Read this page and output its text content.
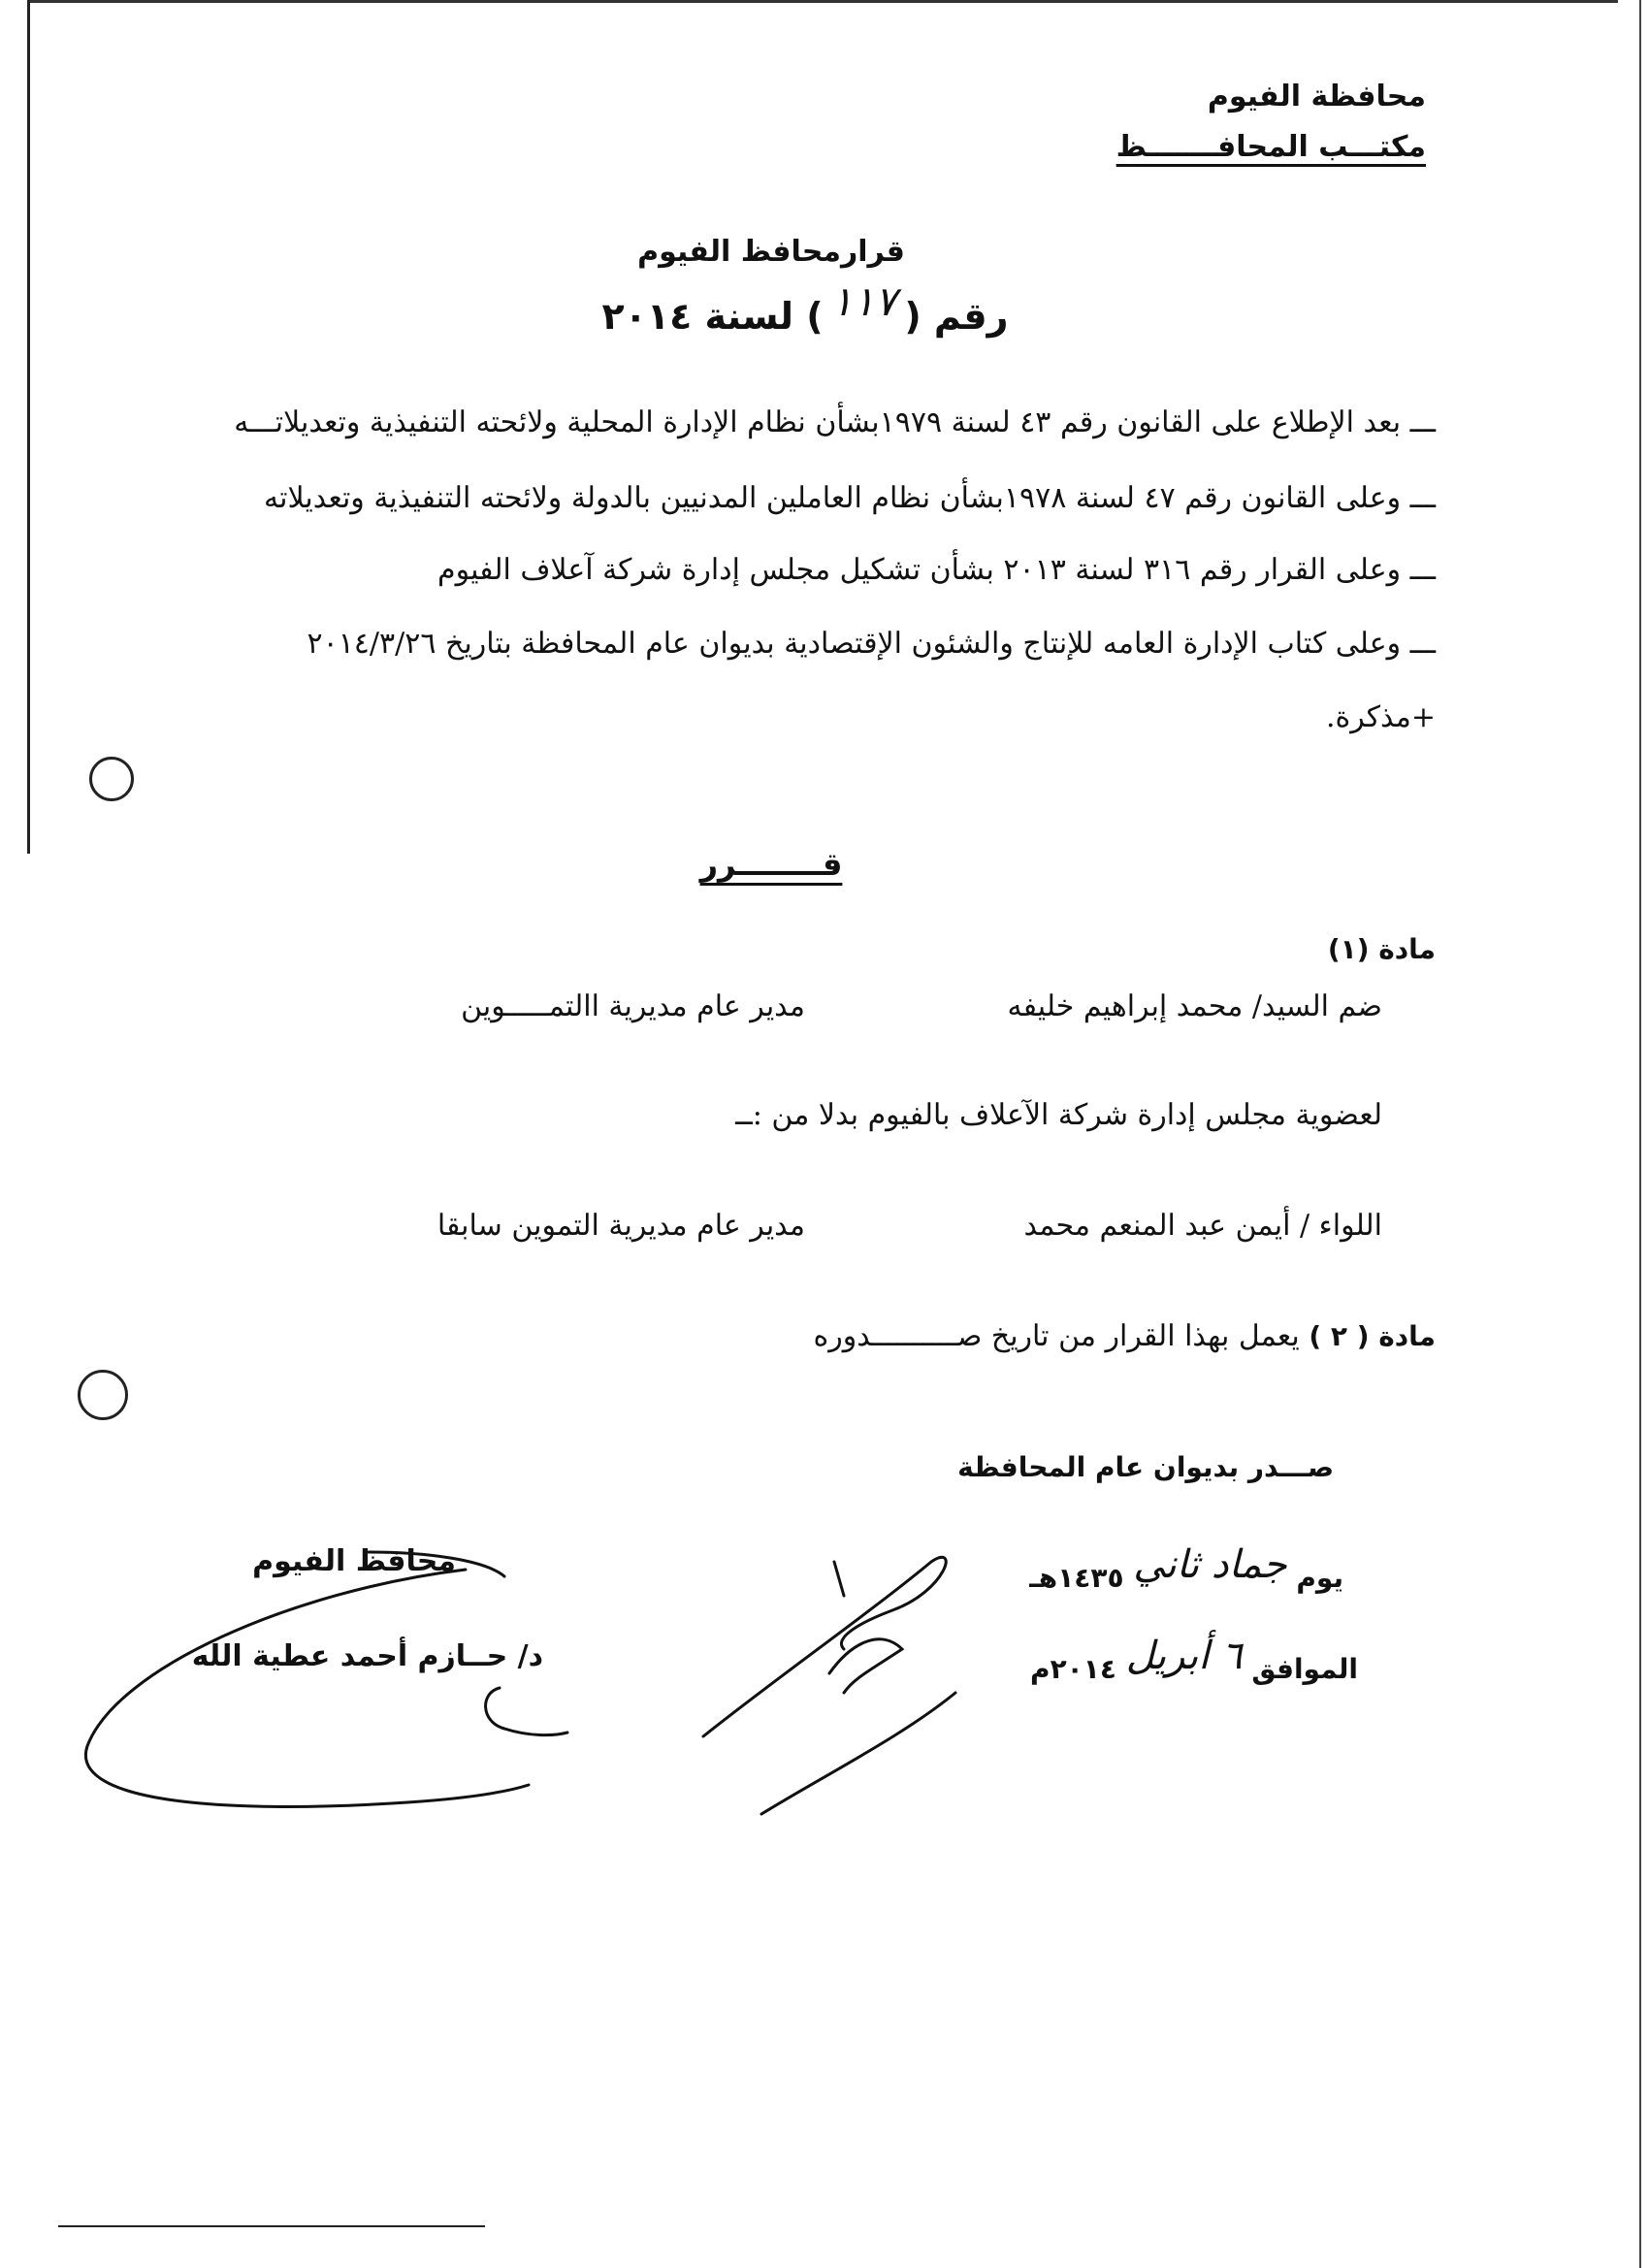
محافظة الفيوم
مكتـــب المحافـــــــظ
قرارمحافظ الفيوم
رقم (١١٧) لسنة ٢٠١٤
ـــ بعد الإطلاع على القانون رقم ٤٣ لسنة ١٩٧٩بشأن نظام الإدارة المحلية ولائحته التنفيذية وتعديلاتـــه
ـــ وعلى القانون رقم ٤٧ لسنة ١٩٧٨بشأن نظام العاملين المدنيين بالدولة ولائحته التنفيذية وتعديلاته
ـــ وعلى القرار رقم ٣١٦ لسنة ٢٠١٣ بشأن تشكيل مجلس إدارة شركة آعلاف الفيوم
ـــ وعلى كتاب الإدارة العامه للإنتاج والشئون الإقتصادية بديوان عام المحافظة بتاريخ ٢٠١٤/٣/٢٦
+مذكرة.
قــــــــرر
مادة (١)
ضم السيد/ محمد إبراهيم خليفه
مدير عام مديرية االتمـــــوين
لعضوية مجلس إدارة شركة الآعلاف بالفيوم بدلا من :ــ
اللواء / أيمن عبد المنعم محمد
مدير عام مديرية التموين سابقا
مادة ( ٢ ) يعمل بهذا القرار من تاريخ صــــــــــدوره
صـــدر بديوان عام المحافظة
يوم جماد ثاني ١٤٣٥هـ
الموافق ٦ أبريل ٢٠١٤م
محافظ الفيوم
د/ حــازم أحمد عطية الله
